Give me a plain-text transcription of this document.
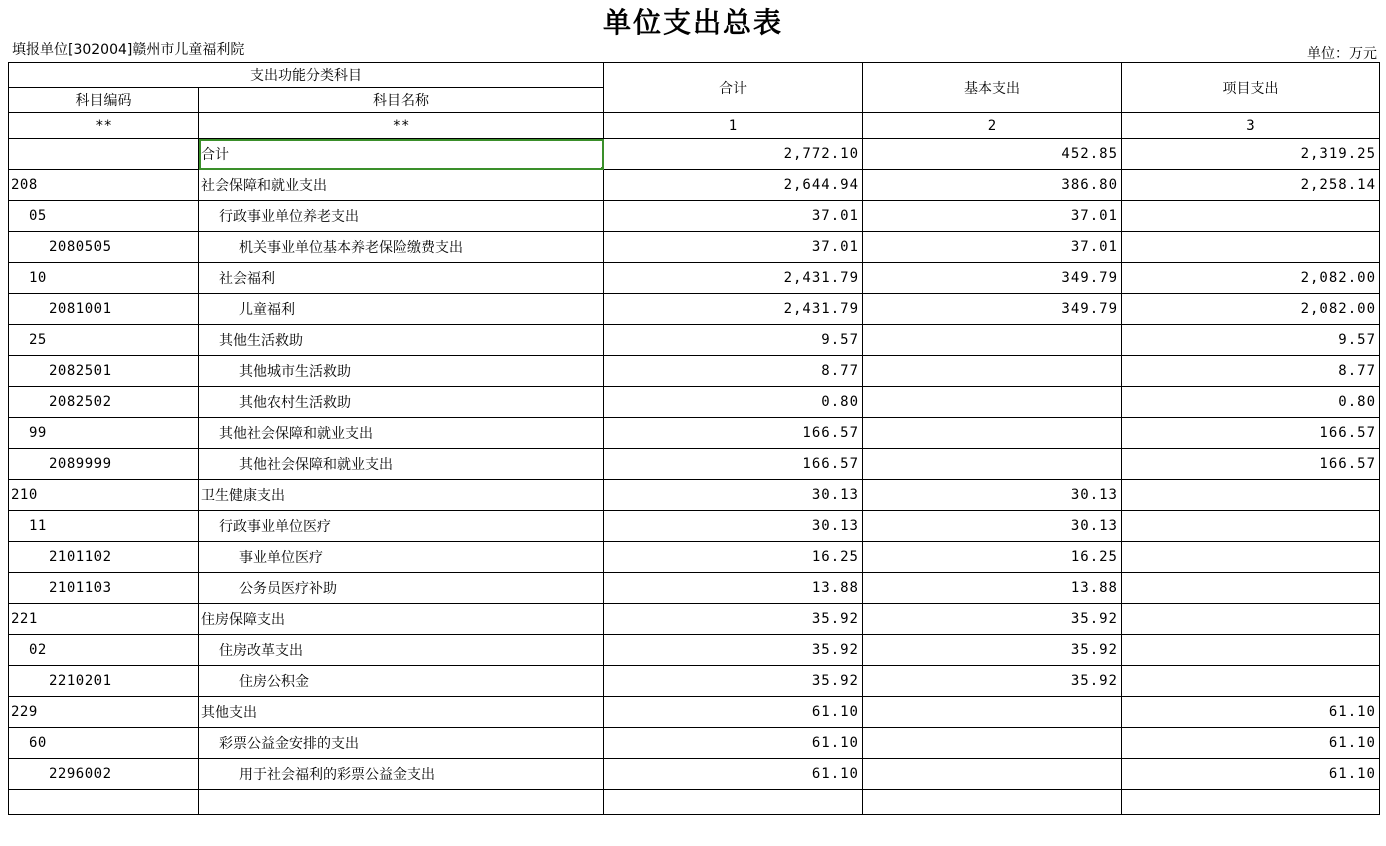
单位支出总表
填报单位[302004]赣州市儿童福利院	单位：万元
支出功能分类科目		合计	基本支出	项目支出
科目编码	科目名称			
**	**	1	2	3
	合计	2,772.10	452.85	2,319.25
208	社会保障和就业支出	2,644.94	386.80	2,258.14
05	行政事业单位养老支出	37.01	37.01	
2080505	机关事业单位基本养老保险缴费支出	37.01	37.01	
10	社会福利	2,431.79	349.79	2,082.00
2081001	儿童福利	2,431.79	349.79	2,082.00
25	其他生活救助	9.57		9.57
2082501	其他城市生活救助	8.77		8.77
2082502	其他农村生活救助	0.80		0.80
99	其他社会保障和就业支出	166.57		166.57
2089999	其他社会保障和就业支出	166.57		166.57
210	卫生健康支出	30.13	30.13	
11	行政事业单位医疗	30.13	30.13	
2101102	事业单位医疗	16.25	16.25	
2101103	公务员医疗补助	13.88	13.88	
221	住房保障支出	35.92	35.92	
02	住房改革支出	35.92	35.92	
2210201	住房公积金	35.92	35.92	
229	其他支出	61.10		61.10
60	彩票公益金安排的支出	61.10		61.10
2296002	用于社会福利的彩票公益金支出	61.10		61.10
